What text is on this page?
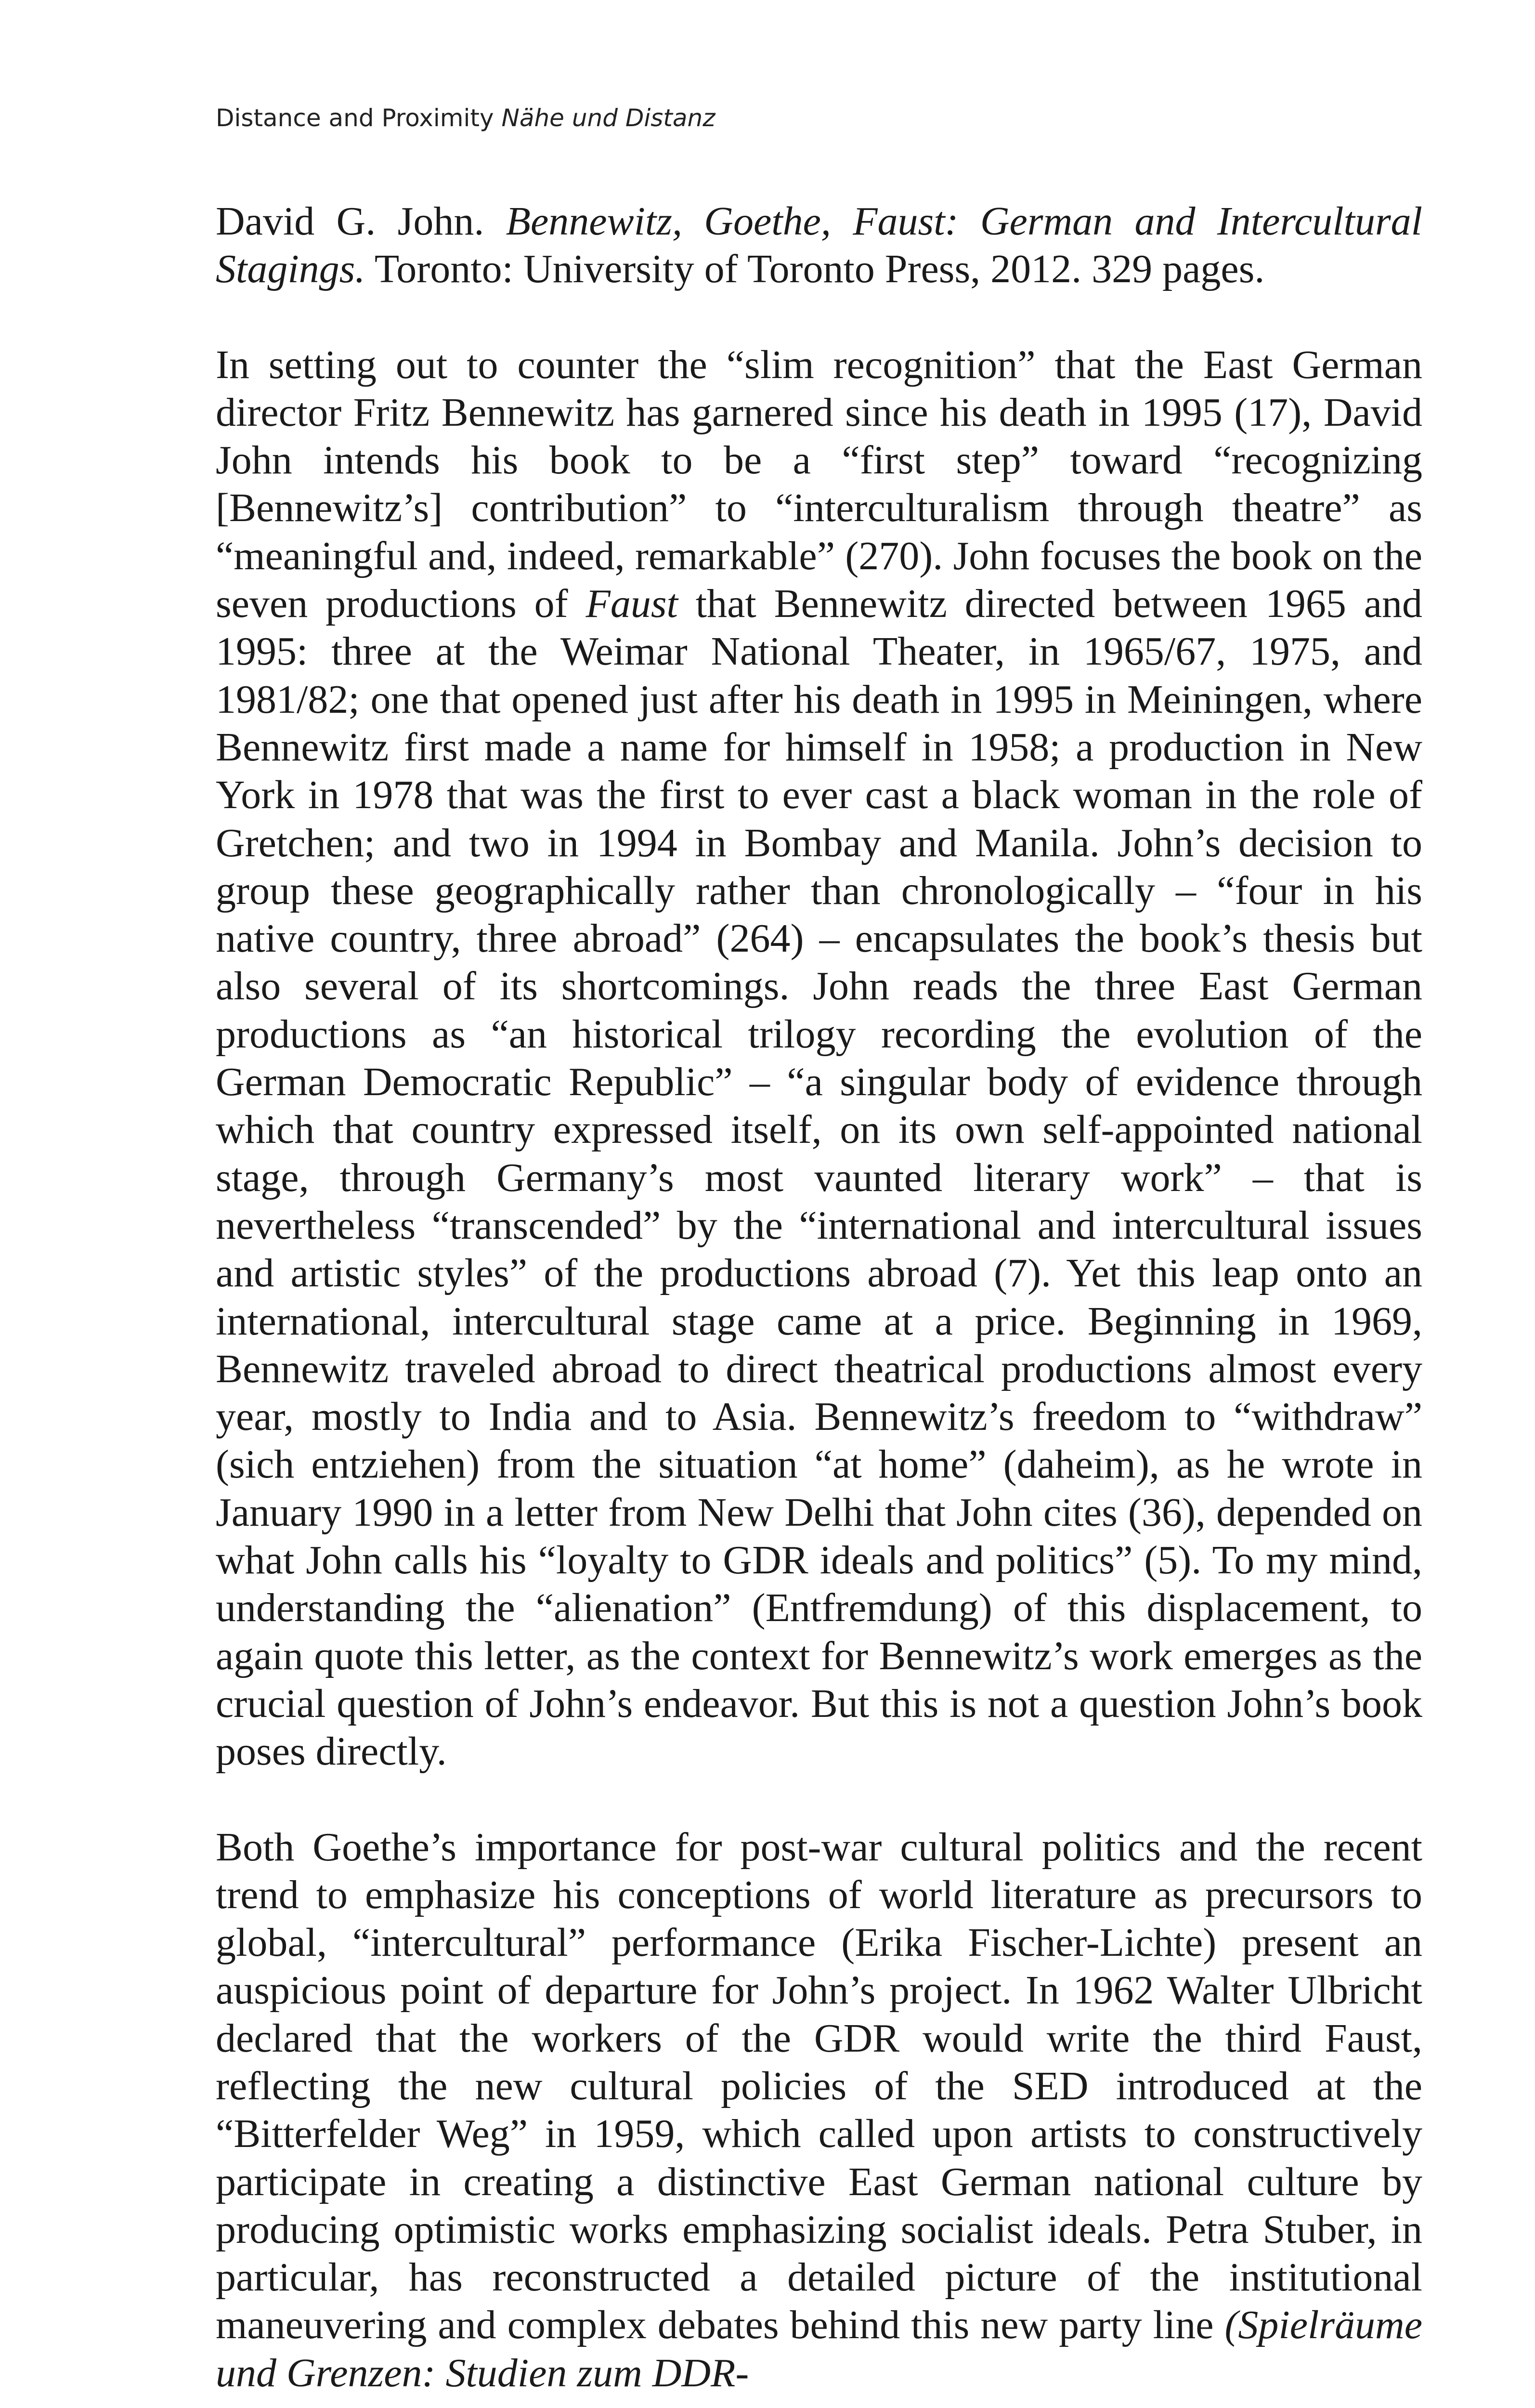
Distance and Proximity Nähe und Distanz

David G. John. Bennewitz, Goethe, Faust: German and Intercultural Stagings. Toronto: University of Toronto Press, 2012. 329 pages.

In setting out to counter the “slim recognition” that the East German director Fritz Bennewitz has garnered since his death in 1995 (17), David John intends his book to be a “first step” toward “recognizing [Bennewitz’s] contribution” to “interculturalism through theatre” as “meaningful and, indeed, remarkable” (270). John focuses the book on the seven productions of Faust that Bennewitz directed between 1965 and 1995: three at the Weimar National Theater, in 1965/67, 1975, and 1981/82; one that opened just after his death in 1995 in Meiningen, where Bennewitz first made a name for himself in 1958; a production in New York in 1978 that was the first to ever cast a black woman in the role of Gretchen; and two in 1994 in Bombay and Manila. John’s decision to group these geographically rather than chronologically – “four in his native country, three abroad” (264) – encapsulates the book’s thesis but also several of its shortcomings. John reads the three East German productions as “an historical trilogy recording the evolution of the German Democratic Republic” – “a singular body of evidence through which that country expressed itself, on its own self-appointed national stage, through Germany’s most vaunted literary work” – that is nevertheless “transcended” by the “international and intercultural issues and artistic styles” of the productions abroad (7). Yet this leap onto an international, intercultural stage came at a price. Beginning in 1969, Bennewitz traveled abroad to direct theatrical productions almost every year, mostly to India and to Asia. Bennewitz’s freedom to “withdraw” (sich entziehen) from the situation “at home” (daheim), as he wrote in January 1990 in a letter from New Delhi that John cites (36), depended on what John calls his “loyalty to GDR ideals and politics” (5). To my mind, understanding the “alienation” (Entfremdung) of this displacement, to again quote this letter, as the context for Bennewitz’s work emerges as the crucial question of John’s endeavor. But this is not a question John’s book poses directly.

Both Goethe’s importance for post-war cultural politics and the recent trend to emphasize his conceptions of world literature as precursors to global, “intercultural” performance (Erika Fischer-Lichte) present an auspicious point of departure for John’s project. In 1962 Walter Ulbricht declared that the workers of the GDR would write the third Faust, reflecting the new cultural policies of the SED introduced at the “Bitterfelder Weg” in 1959, which called upon artists to constructively participate in creating a distinctive East German national culture by producing optimistic works emphasizing socialist ideals. Petra Stuber, in particular, has reconstructed a detailed picture of the institutional maneuvering and complex debates behind this new party line (Spielräume und Grenzen: Studien zum DDR-
